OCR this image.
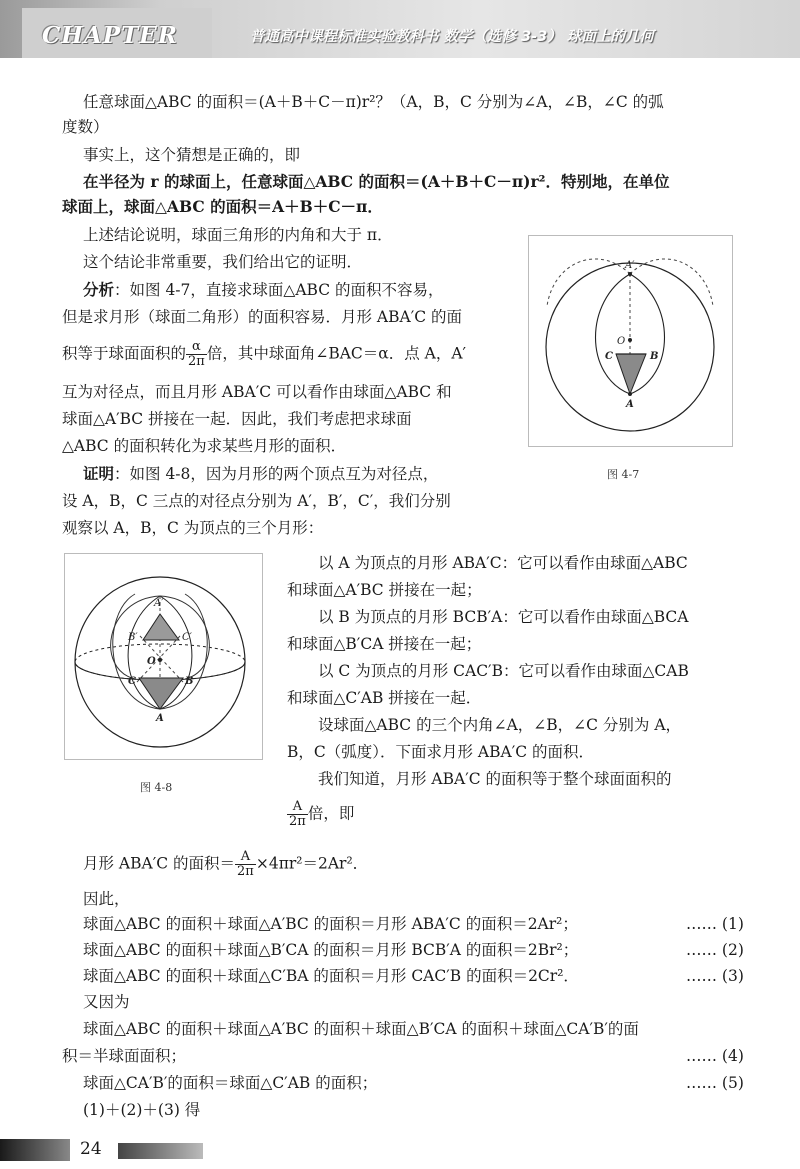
CHAPTER	普通高中课程标准实验教科书 数学（选修 3-3） 球面上的几何
任意球面△ABC 的面积＝(A＋B＋C－π)r²？（A，B，C 分别为∠A，∠B，∠C 的弧
度数）
事实上，这个猜想是正确的，即
在半径为 r 的球面上，任意球面△ABC 的面积＝(A＋B＋C－π)r²．特别地，在单位
球面上，球面△ABC 的面积＝A＋B＋C－π．
上述结论说明，球面三角形的内角和大于 π．
这个结论非常重要，我们给出它的证明．
分析：如图 4-7，直接求球面△ABC 的面积不容易，
但是求月形（球面二角形）的面积容易．月形 ABA′C 的面
积等于球面面积的 $\frac{\alpha}{2\pi}$ 倍，其中球面角∠BAC＝α．点 A，A′
互为对径点，而且月形 ABA′C 可以看作由球面△ABC 和
球面△A′BC 拼接在一起．因此，我们考虑把求球面
△ABC 的面积转化为求某些月形的面积．
证明：如图 4-8，因为月形的两个顶点互为对径点，
设 A，B，C 三点的对径点分别为 A′，B′，C′，我们分别
观察以 A，B，C 为顶点的三个月形：
A′
O
C	B
A
图 4-7
A′
B′	C′
O
C	B
A
图 4-8
以 A 为顶点的月形 ABA′C：它可以看作由球面△ABC
和球面△A′BC 拼接在一起；
以 B 为顶点的月形 BCB′A：它可以看作由球面△BCA
和球面△B′CA 拼接在一起；
以 C 为顶点的月形 CAC′B：它可以看作由球面△CAB
和球面△C′AB 拼接在一起．
设球面△ABC 的三个内角∠A，∠B，∠C 分别为 A，
B，C（弧度）．下面求月形 ABA′C 的面积．
我们知道，月形 ABA′C 的面积等于整个球面面积的
$\frac{A}{2\pi}$ 倍，即
月形 ABA′C 的面积＝ $\frac{A}{2\pi} \times 4\pi r^2=2Ar^2$．
因此，
球面△ABC 的面积＋球面△A′BC 的面积＝月形 ABA′C 的面积＝2Ar²；	…… (1)
球面△ABC 的面积＋球面△B′CA 的面积＝月形 BCB′A 的面积＝2Br²；	…… (2)
球面△ABC 的面积＋球面△C′BA 的面积＝月形 CAC′B 的面积＝2Cr²．	…… (3)
又因为
球面△ABC 的面积＋球面△A′BC 的面积＋球面△B′CA 的面积＋球面△CA′B′的面
积＝半球面面积；	…… (4)
球面△CA′B′的面积＝球面△C′AB 的面积；	…… (5)
(1)＋(2)＋(3) 得
24
